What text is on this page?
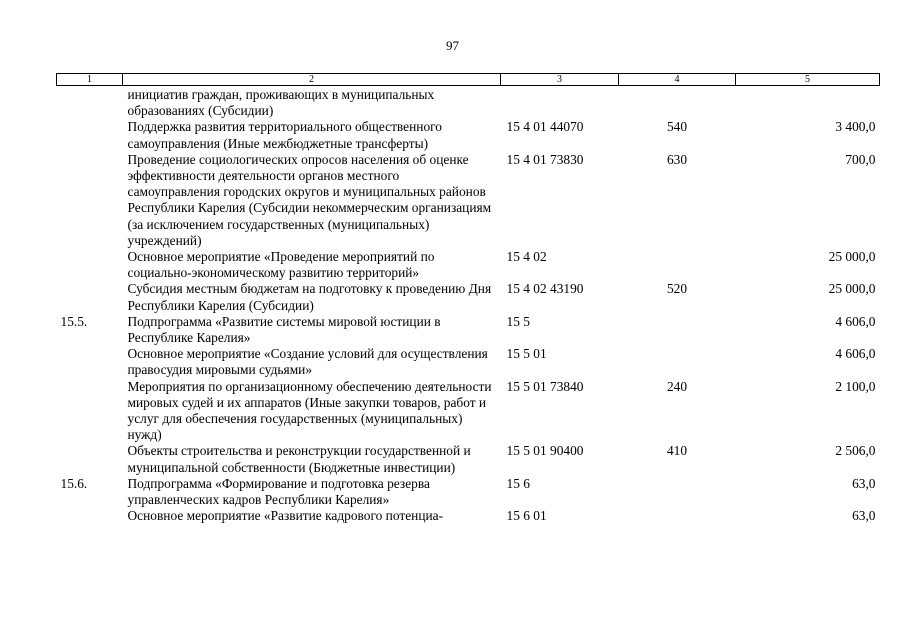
97
1	2	3	4	5
	инициатив граждан, проживающих в муниципальных образованиях (Субсидии)			
	Поддержка развития территориального общественного самоуправления (Иные межбюджетные трансферты)	15 4 01 44070	540	3 400,0
	Проведение социологических опросов населения об оценке эффективности деятельности органов местного самоуправления городских округов и муниципальных районов Республики Карелия (Субсидии некоммерческим организациям (за исключением государственных (муниципальных) учреждений)	15 4 01 73830	630	700,0
	Основное мероприятие «Проведение мероприятий по социально-экономическому развитию территорий»	15 4 02		25 000,0
	Субсидия местным бюджетам на подготовку к проведению Дня Республики Карелия (Субсидии)	15 4 02 43190	520	25 000,0
15.5.	Подпрограмма «Развитие системы мировой юстиции в Республике Карелия»	15 5		4 606,0
	Основное мероприятие «Создание условий для осуществления правосудия мировыми судьями»	15 5 01		4 606,0
	Мероприятия по организационному обеспечению деятельности мировых судей и их аппаратов (Иные закупки товаров, работ и услуг для обеспечения государственных (муниципальных) нужд)	15 5 01 73840	240	2 100,0
	Объекты строительства и реконструкции государственной и муниципальной собственности (Бюджетные инвестиции)	15 5 01 90400	410	2 506,0
15.6.	Подпрограмма «Формирование и подготовка резерва управленческих кадров Республики Карелия»	15 6		63,0
	Основное мероприятие «Развитие кадрового потенциа-	15 6 01		63,0
